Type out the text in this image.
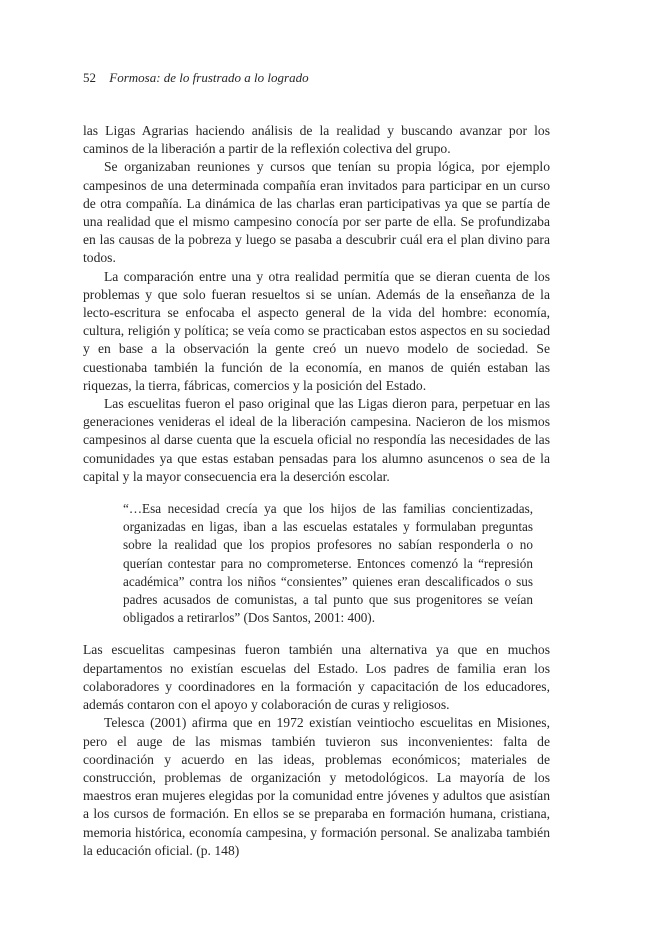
52 Formosa: de lo frustrado a lo logrado

las Ligas Agrarias haciendo análisis de la realidad y buscando avanzar por los caminos de la liberación a partir de la reflexión colectiva del grupo.

Se organizaban reuniones y cursos que tenían su propia lógica, por ejemplo campesinos de una determinada compañía eran invitados para participar en un curso de otra compañía. La dinámica de las charlas eran participativas ya que se partía de una realidad que el mismo campesino conocía por ser parte de ella. Se profundizaba en las causas de la pobreza y luego se pasaba a descubrir cuál era el plan divino para todos.

La comparación entre una y otra realidad permitía que se dieran cuenta de los problemas y que solo fueran resueltos si se unían. Además de la enseñanza de la lecto-escritura se enfocaba el aspecto general de la vida del hombre: economía, cultura, religión y política; se veía como se practicaban estos aspectos en su sociedad y en base a la observación la gente creó un nuevo modelo de sociedad. Se cuestionaba también la función de la economía, en manos de quién estaban las riquezas, la tierra, fábricas, comercios y la posición del Estado.

Las escuelitas fueron el paso original que las Ligas dieron para, perpetuar en las generaciones venideras el ideal de la liberación campesina. Nacieron de los mismos campesinos al darse cuenta que la escuela oficial no respondía las necesidades de las comunidades ya que estas estaban pensadas para los alumno asuncenos o sea de la capital y la mayor consecuencia era la deserción escolar.

“…Esa necesidad crecía ya que los hijos de las familias concientizadas, organizadas en ligas, iban a las escuelas estatales y formulaban preguntas sobre la realidad que los propios profesores no sabían responderla o no querían contestar para no comprometerse. Entonces comenzó la “represión académica” contra los niños “consientes” quienes eran descalificados o sus padres acusados de comunistas, a tal punto que sus progenitores se veían obligados a retirarlos” (Dos Santos, 2001: 400).

Las escuelitas campesinas fueron también una alternativa ya que en muchos departamentos no existían escuelas del Estado. Los padres de familia eran los colaboradores y coordinadores en la formación y capacitación de los educadores, además contaron con el apoyo y colaboración de curas y religiosos.

Telesca (2001) afirma que en 1972 existían veintiocho escuelitas en Misiones, pero el auge de las mismas también tuvieron sus inconvenientes: falta de coordinación y acuerdo en las ideas, problemas económicos; materiales de construcción, problemas de organización y metodológicos. La mayoría de los maestros eran mujeres elegidas por la comunidad entre jóvenes y adultos que asistían a los cursos de formación. En ellos se se preparaba en formación humana, cristiana, memoria histórica, economía campesina, y formación personal. Se analizaba también la educación oficial. (p. 148)
